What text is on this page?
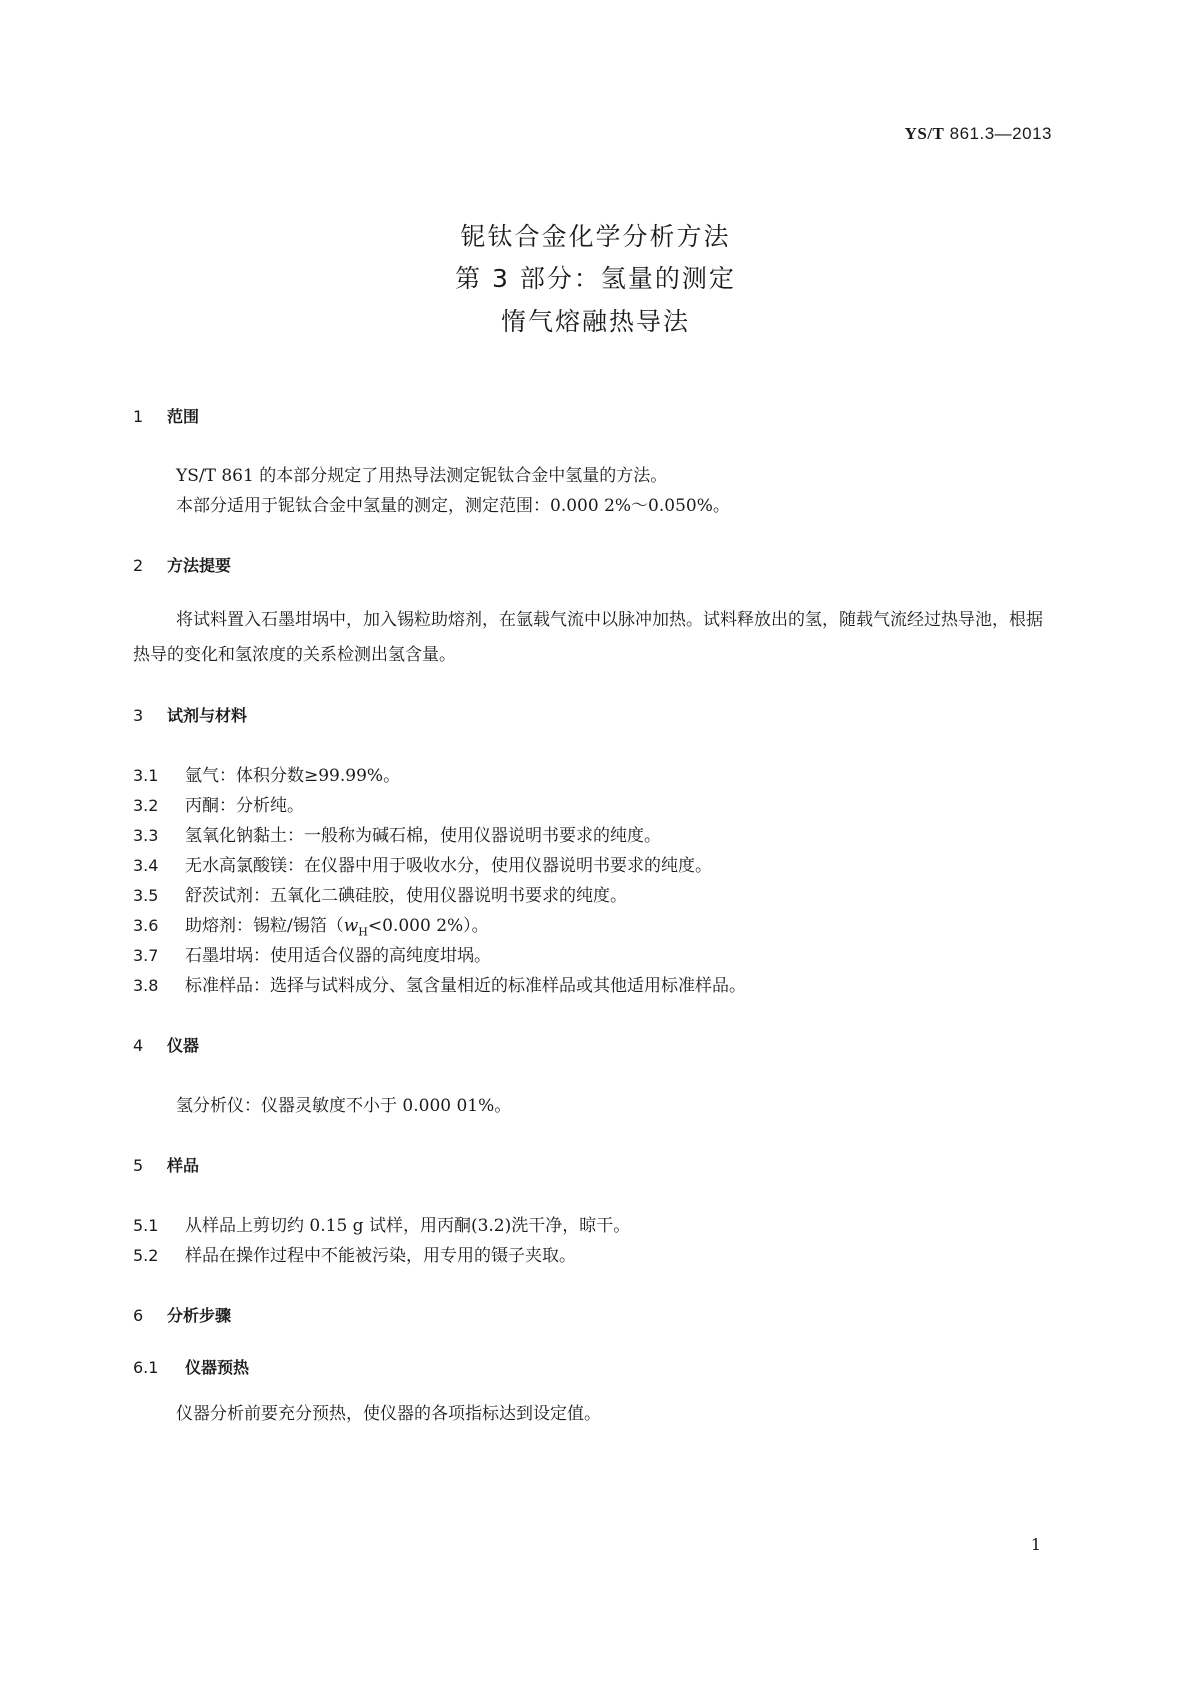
YS/T 861.3—2013
铌钛合金化学分析方法
第 3 部分：氢量的测定
惰气熔融热导法
1 范围
YS/T 861 的本部分规定了用热导法测定铌钛合金中氢量的方法。
本部分适用于铌钛合金中氢量的测定，测定范围：0.000 2%～0.050%。
2 方法提要
将试料置入石墨坩埚中，加入锡粒助熔剂，在氩载气流中以脉冲加热。试料释放出的氢，随载气流经过热导池，根据热导的变化和氢浓度的关系检测出氢含量。
3 试剂与材料
3.1 氩气：体积分数≥99.99%。
3.2 丙酮：分析纯。
3.3 氢氧化钠黏土：一般称为碱石棉，使用仪器说明书要求的纯度。
3.4 无水高氯酸镁：在仪器中用于吸收水分，使用仪器说明书要求的纯度。
3.5 舒茨试剂：五氧化二碘硅胶，使用仪器说明书要求的纯度。
3.6 助熔剂：锡粒/锡箔（$w_H<0.000$ 2%）。
3.7 石墨坩埚：使用适合仪器的高纯度坩埚。
3.8 标准样品：选择与试料成分、氢含量相近的标准样品或其他适用标准样品。
4 仪器
氢分析仪：仪器灵敏度不小于 0.000 01%。
5 样品
5.1 从样品上剪切约 0.15 g 试样，用丙酮(3.2)洗干净，晾干。
5.2 样品在操作过程中不能被污染，用专用的镊子夹取。
6 分析步骤
6.1 仪器预热
仪器分析前要充分预热，使仪器的各项指标达到设定值。
1
